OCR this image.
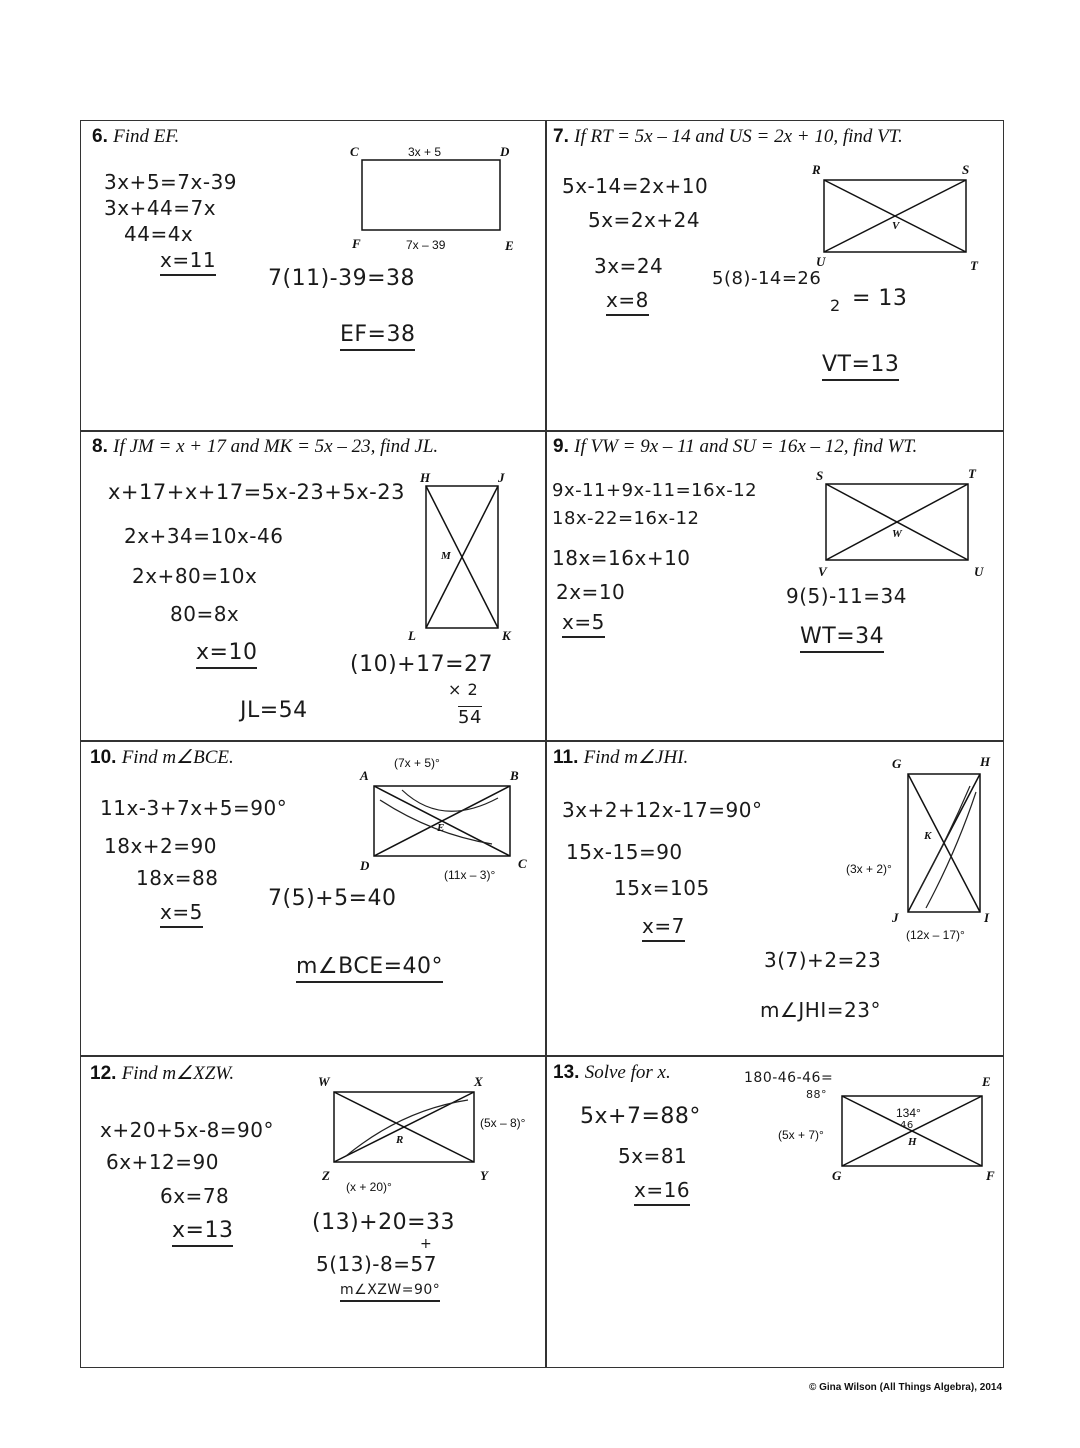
6. Find EF.
C	D
F	E
3x + 5
7x – 39
3x+5=7x-39
3x+44=7x
44=4x
x=11
7(11)-39=38
EF=38
7. If RT = 5x – 14 and US = 2x + 10, find VT.
R	S
U	T
V
5x-14=2x+10
5x=2x+24
3x=24
x=8
5(8)-14=26
2 = 13
VT=13
8. If JM = x + 17 and MK = 5x – 23, find JL.
H	J
M
L	K
x+17+x+17=5x-23+5x-23
2x+34=10x-46
2x+80=10x
80=8x
x=10	(10)+17=27
× 2
54
JL=54
9. If VW = 9x – 11 and SU = 16x – 12, find WT.
S	T
W
V	U
9x-11+9x-11=16x-12
18x-22=16x-12
18x=16x+10
2x=10
x=5
9(5)-11=34
WT=34
10. Find m∠BCE.
A	B
C
D
E
(7x + 5)°
(11x – 3)°
11x-3+7x+5=90°
18x+2=90
18x=88
x=5
7(5)+5=40
m∠BCE=40°
11. Find m∠JHI.	G	H
K
J	I
(3x + 2)°
(12x – 17)°
3x+2+12x-17=90°
15x-15=90
15x=105
x=7
3(7)+2=23
m∠JHI=23°
12. Find m∠XZW.	W	X
R
Z	Y
(5x – 8)°
(x + 20)°
x+20+5x-8=90°
6x+12=90
6x=78
x=13	(13)+20=33
+
5(13)-8=57
m∠XZW=90°
13. Solve for x.	E
H
G	F
134°
46
(5x + 7)°
180-46-46=
88°
5x+7=88°
5x=81
x=16
© Gina Wilson (All Things Algebra), 2014
